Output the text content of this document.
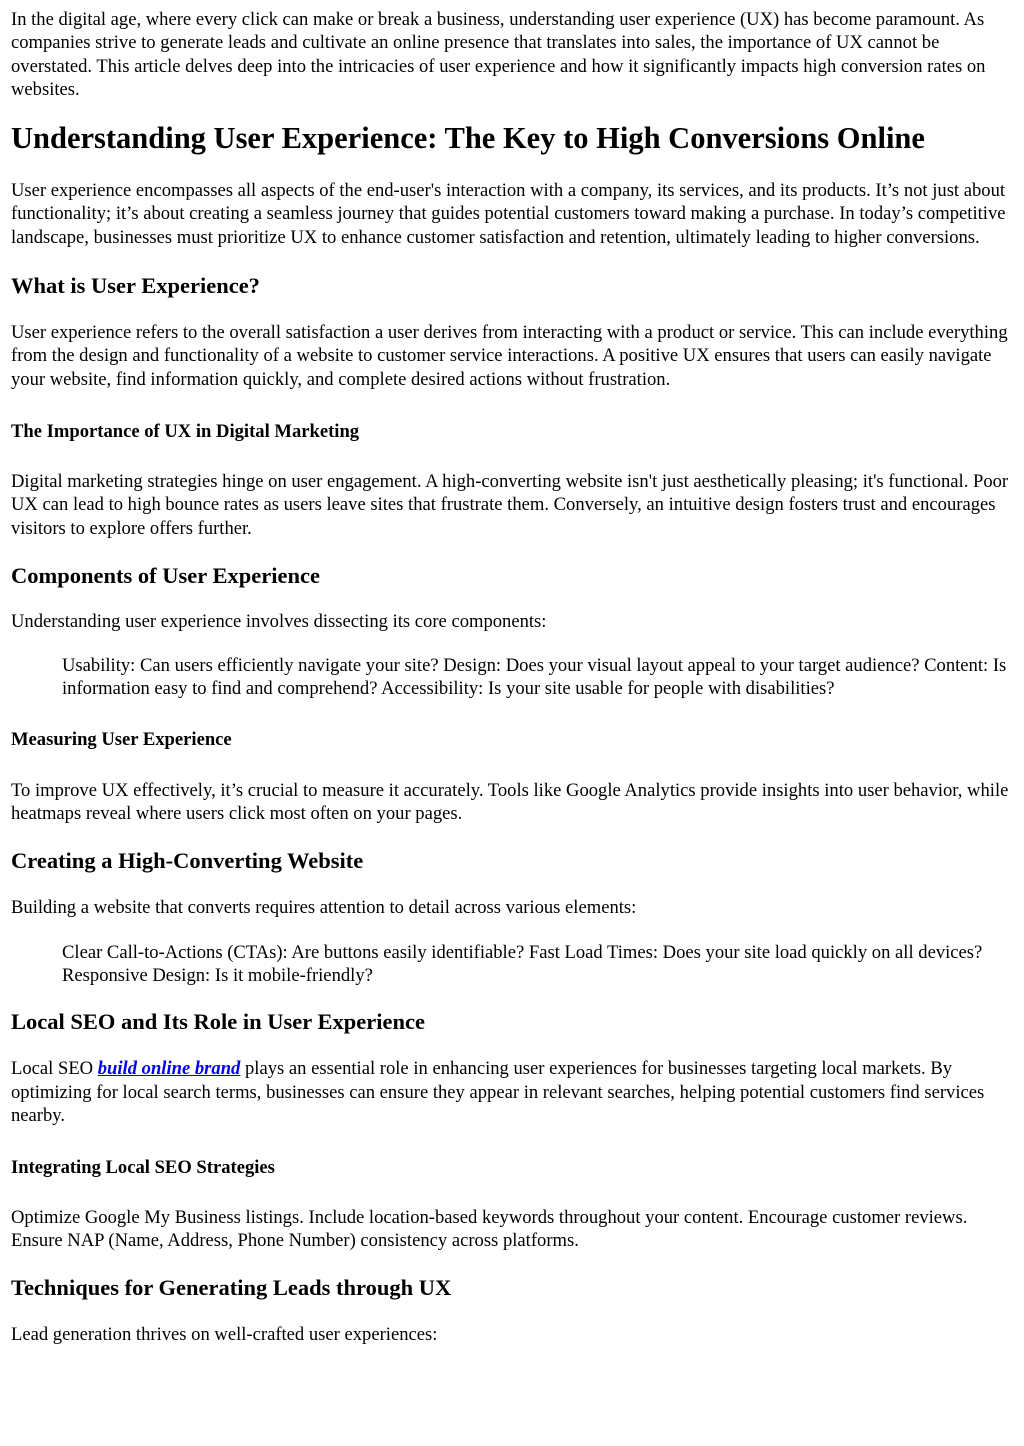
In the digital age, where every click can make or break a business, understanding user experience (UX) has become paramount. As companies strive to generate leads and cultivate an online presence that translates into sales, the importance of UX cannot be overstated. This article delves deep into the intricacies of user experience and how it significantly impacts high conversion rates on websites.

Understanding User Experience: The Key to High Conversions Online

User experience encompasses all aspects of the end-user's interaction with a company, its services, and its products. It’s not just about functionality; it’s about creating a seamless journey that guides potential customers toward making a purchase. In today’s competitive landscape, businesses must prioritize UX to enhance customer satisfaction and retention, ultimately leading to higher conversions.

What is User Experience?

User experience refers to the overall satisfaction a user derives from interacting with a product or service. This can include everything from the design and functionality of a website to customer service interactions. A positive UX ensures that users can easily navigate your website, find information quickly, and complete desired actions without frustration.

The Importance of UX in Digital Marketing

Digital marketing strategies hinge on user engagement. A high-converting website isn't just aesthetically pleasing; it's functional. Poor UX can lead to high bounce rates as users leave sites that frustrate them. Conversely, an intuitive design fosters trust and encourages visitors to explore offers further.

Components of User Experience

Understanding user experience involves dissecting its core components:

Usability: Can users efficiently navigate your site? Design: Does your visual layout appeal to your target audience? Content: Is information easy to find and comprehend? Accessibility: Is your site usable for people with disabilities?

Measuring User Experience

To improve UX effectively, it’s crucial to measure it accurately. Tools like Google Analytics provide insights into user behavior, while heatmaps reveal where users click most often on your pages.

Creating a High-Converting Website

Building a website that converts requires attention to detail across various elements:

Clear Call-to-Actions (CTAs): Are buttons easily identifiable? Fast Load Times: Does your site load quickly on all devices? Responsive Design: Is it mobile-friendly?

Local SEO and Its Role in User Experience

Local SEO build online brand plays an essential role in enhancing user experiences for businesses targeting local markets. By optimizing for local search terms, businesses can ensure they appear in relevant searches, helping potential customers find services nearby.

Integrating Local SEO Strategies

Optimize Google My Business listings. Include location-based keywords throughout your content. Encourage customer reviews. Ensure NAP (Name, Address, Phone Number) consistency across platforms.

Techniques for Generating Leads through UX

Lead generation thrives on well-crafted user experiences:
